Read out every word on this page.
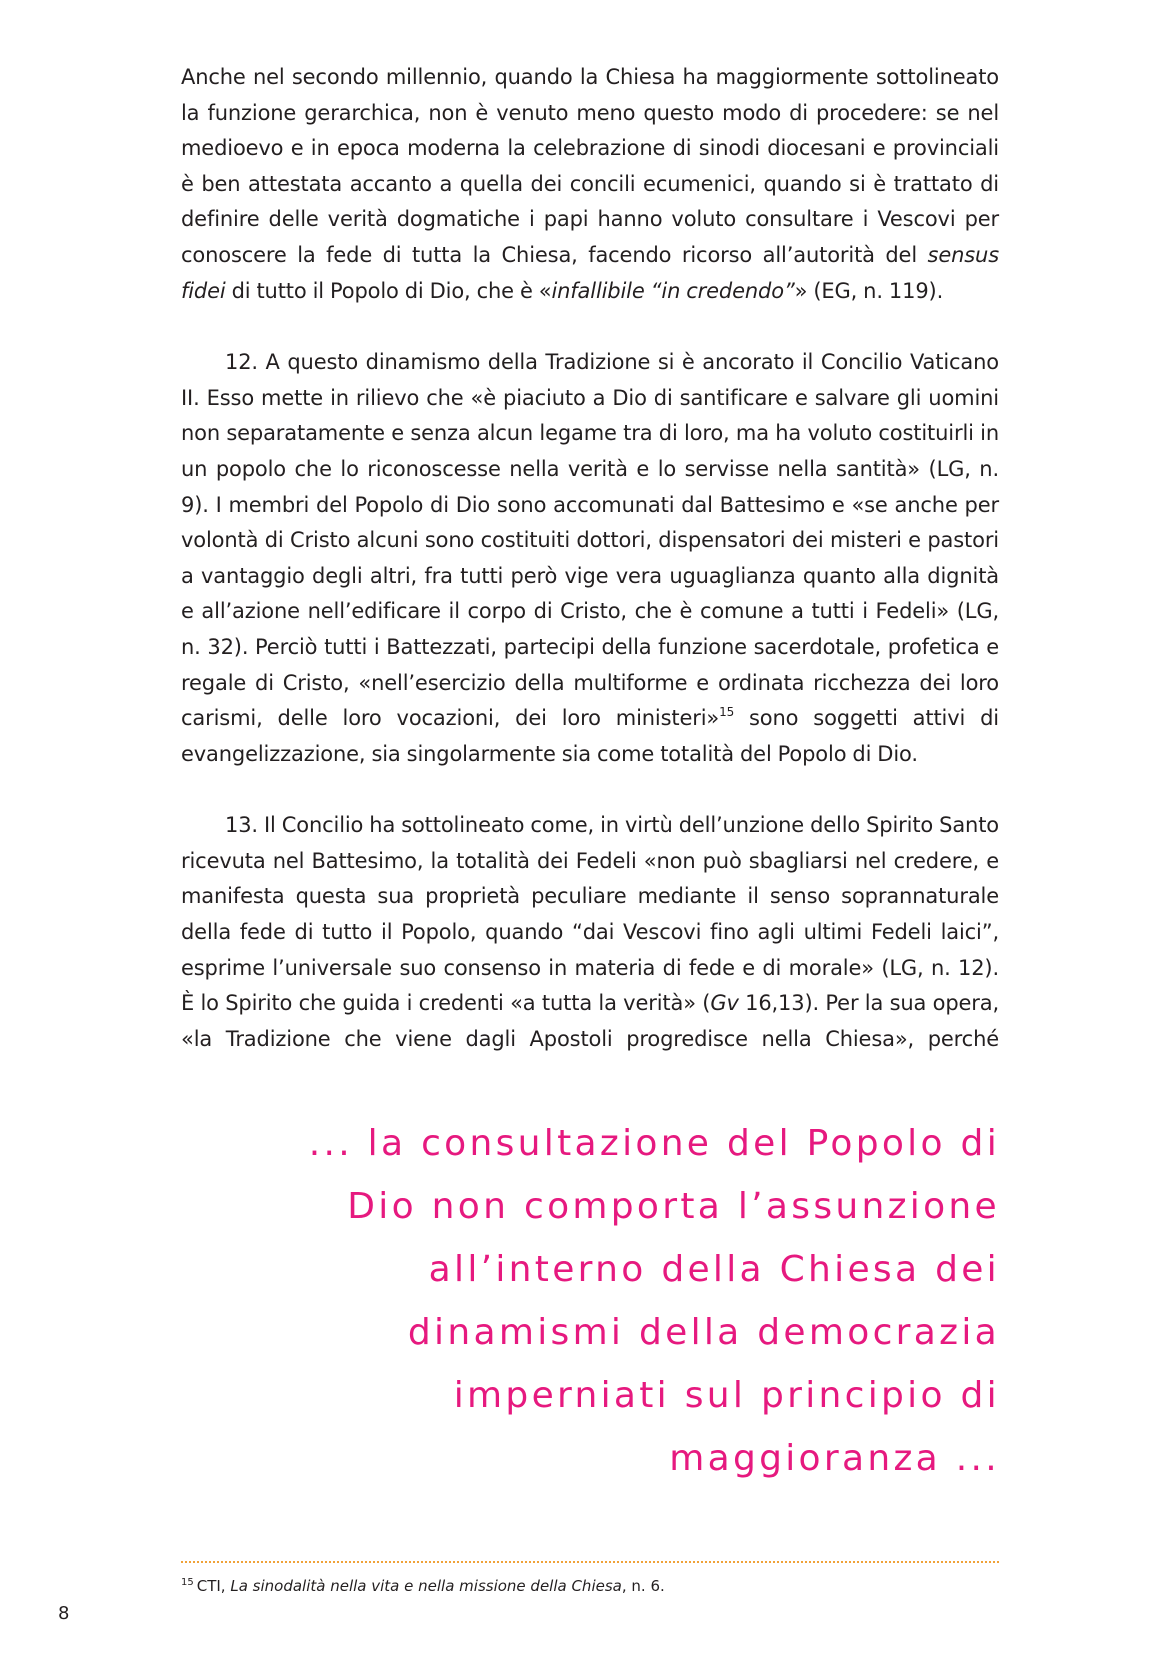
Anche nel secondo millennio, quando la Chiesa ha maggiormente sottolineato la funzione gerarchica, non è venuto meno questo modo di procedere: se nel medioevo e in epoca moderna la celebrazione di sinodi diocesani e provinciali è ben attestata accanto a quella dei concili ecumenici, quando si è trattato di definire delle verità dogmatiche i papi hanno voluto consultare i Vescovi per conoscere la fede di tutta la Chiesa, facendo ricorso all’autorità del sensus fidei di tutto il Popolo di Dio, che è «infallibile “in credendo”» (EG, n. 119).

12. A questo dinamismo della Tradizione si è ancorato il Concilio Vaticano II. Esso mette in rilievo che «è piaciuto a Dio di santificare e salvare gli uomini non separatamente e senza alcun legame tra di loro, ma ha voluto costituirli in un popolo che lo riconoscesse nella verità e lo servisse nella santità» (LG, n. 9). I membri del Popolo di Dio sono accomunati dal Battesimo e «se anche per volontà di Cristo alcuni sono costituiti dottori, dispensatori dei misteri e pastori a vantaggio degli altri, fra tutti però vige vera uguaglianza quanto alla dignità e all’azione nell’edificare il corpo di Cristo, che è comune a tutti i Fedeli» (LG, n. 32). Perciò tutti i Battezzati, partecipi della funzione sacerdotale, profetica e regale di Cristo, «nell’esercizio della multiforme e ordinata ricchezza dei loro carismi, delle loro vocazioni, dei loro ministeri»$^{15}$ sono soggetti attivi di evangelizzazione, sia singolarmente sia come totalità del Popolo di Dio.

13. Il Concilio ha sottolineato come, in virtù dell’unzione dello Spirito Santo ricevuta nel Battesimo, la totalità dei Fedeli «non può sbagliarsi nel credere, e manifesta questa sua proprietà peculiare mediante il senso soprannaturale della fede di tutto il Popolo, quando “dai Vescovi fino agli ultimi Fedeli laici”, esprime l’universale suo consenso in materia di fede e di morale» (LG, n. 12). È lo Spirito che guida i credenti «a tutta la verità» (Gv 16,13). Per la sua opera, «la Tradizione che viene dagli Apostoli progredisce nella Chiesa», perché

... la consultazione del Popolo di
Dio non comporta l’assunzione
all’interno della Chiesa dei
dinamismi della democrazia
imperniati sul principio di
maggioranza ...

$^{15}$ CTI, La sinodalità nella vita e nella missione della Chiesa, n. 6.

8
